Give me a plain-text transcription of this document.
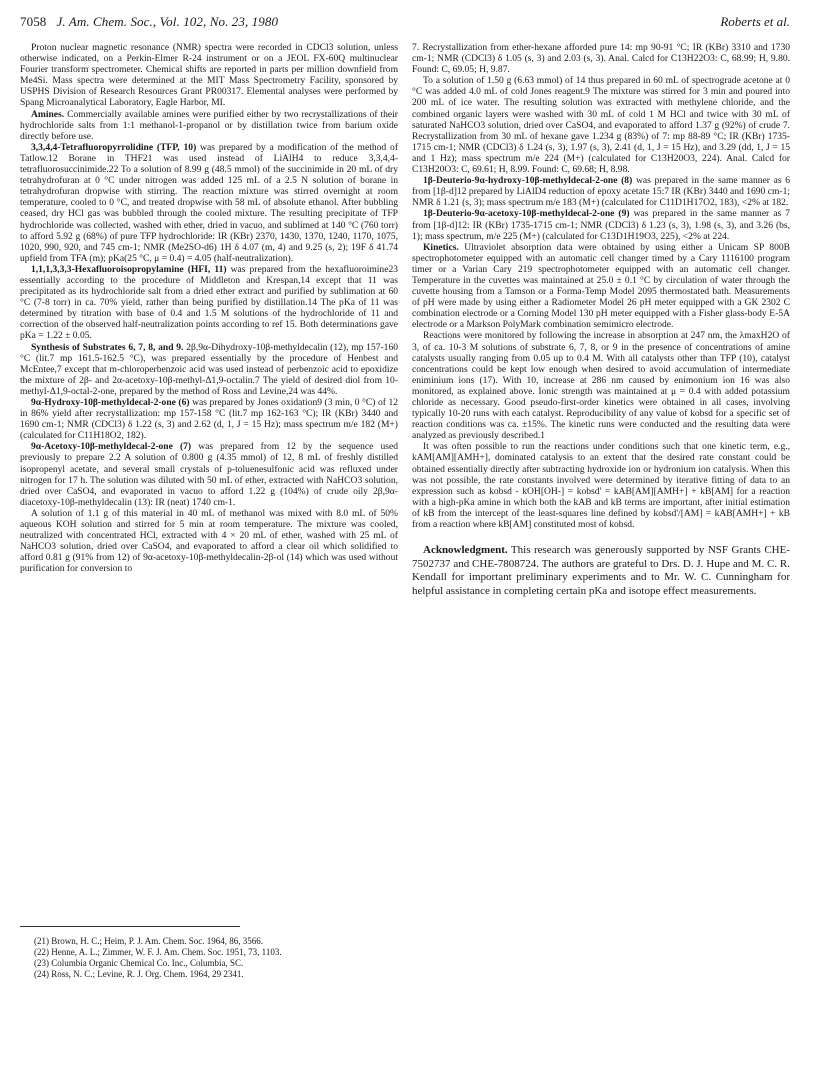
7058 J. Am. Chem. Soc., Vol. 102, No. 23, 1980	Roberts et al.

Proton nuclear magnetic resonance (NMR) spectra were recorded in CDCl3 solution, unless otherwise indicated, on a Perkin-Elmer R-24 instrument or on a JEOL FX-60Q multinuclear Fourier transform spectrometer. Chemical shifts are reported in parts per million downfield from Me4Si. Mass spectra were determined at the MIT Mass Spectrometry Facility, sponsored by USPHS Division of Research Resources Grant PR00317. Elemental analyses were performed by Spang Microanalytical Laboratory, Eagle Harbor, MI.

Amines. Commercially available amines were purified either by two recrystallizations of their hydrochloride salts from 1:1 methanol-1-propanol or by distillation twice from barium oxide directly before use.

3,3,4,4-Tetrafluoropyrrolidine (TFP, 10) was prepared by a modification of the method of Tatlow.12 Borane in THF21 was used instead of LiAlH4 to reduce 3,3,4,4-tetrafluorosuccinimide.22 To a solution of 8.99 g (48.5 mmol) of the succinimide in 20 mL of dry tetrahydrofuran at 0 °C under nitrogen was added 125 mL of a 2.5 N solution of borane in tetrahydrofuran dropwise with stirring. The reaction mixture was stirred overnight at room temperature, cooled to 0 °C, and treated dropwise with 58 mL of absolute ethanol. After bubbling ceased, dry HCl gas was bubbled through the cooled mixture. The resulting precipitate of TFP hydrochloride was collected, washed with ether, dried in vacuo, and sublimed at 140 °C (760 torr) to afford 5.92 g (68%) of pure TFP hydrochloride: IR (KBr) 2370, 1430, 1370, 1240, 1170, 1075, 1020, 990, 920, and 745 cm-1; NMR (Me2SO-d6) 1H δ 4.07 (m, 4) and 9.25 (s, 2); 19F δ 41.74 upfield from TFA (m); pKa(25 °C, μ = 0.4) = 4.05 (half-neutralization).

1,1,1,3,3,3-Hexafluoroisopropylamine (HFI, 11) was prepared from the hexafluoroimine23 essentially according to the procedure of Middleton and Krespan,14 except that 11 was precipitated as its hydrochloride salt from a dried ether extract and purified by sublimation at 60 °C (7-8 torr) in ca. 70% yield, rather than being purified by distillation.14 The pKa of 11 was determined by titration with base of 0.4 and 1.5 M solutions of the hydrochloride of 11 and correction of the observed half-neutralization points according to ref 15. Both determinations gave pKa = 1.22 ± 0.05.

Synthesis of Substrates 6, 7, 8, and 9. 2β,9α-Dihydroxy-10β-methyldecalin (12), mp 157-160 °C (lit.7 mp 161.5-162.5 °C), was prepared essentially by the procedure of Henbest and McEntee,7 except that m-chloroperbenzoic acid was used instead of perbenzoic acid to epoxidize the mixture of 2β- and 2α-acetoxy-10β-methyl-Δ1,9-octalin.7 The yield of desired diol from 10-methyl-Δ1,9-octal-2-one, prepared by the method of Ross and Levine,24 was 44%.

9α-Hydroxy-10β-methyldecal-2-one (6) was prepared by Jones oxidation9 (3 min, 0 °C) of 12 in 86% yield after recrystallization: mp 157-158 °C (lit.7 mp 162-163 °C); IR (KBr) 3440 and 1690 cm-1; NMR (CDCl3) δ 1.22 (s, 3) and 2.62 (d, 1, J = 15 Hz); mass spectrum m/e 182 (M+) (calculated for C11H18O2, 182).

9α-Acetoxy-10β-methyldecal-2-one (7) was prepared from 12 by the sequence used previously to prepare 2.2 A solution of 0.800 g (4.35 mmol) of 12, 8 mL of freshly distilled isopropenyl acetate, and several small crystals of p-toluenesulfonic acid was refluxed under nitrogen for 17 h. The solution was diluted with 50 mL of ether, extracted with NaHCO3 solution, dried over CaSO4, and evaporated in vacuo to afford 1.22 g (104%) of crude oily 2β,9α-diacetoxy-10β-methyldecalin (13): IR (neat) 1740 cm-1.

A solution of 1.1 g of this material in 40 mL of methanol was mixed with 8.0 mL of 50% aqueous KOH solution and stirred for 5 min at room temperature. The mixture was cooled, neutralized with concentrated HCl, extracted with 4 × 20 mL of ether, washed with 25 mL of NaHCO3 solution, dried over CaSO4, and evaporated to afford a clear oil which solidified to afford 0.81 g (91% from 12) of 9α-acetoxy-10β-methyldecalin-2β-ol (14) which was used without purification for conversion to

(21) Brown, H. C.; Heim, P. J. Am. Chem. Soc. 1964, 86, 3566.
(22) Henne, A. L.; Zimmer, W. F. J. Am. Chem. Soc. 1951, 73, 1103.
(23) Columbia Organic Chemical Co. Inc., Columbia, SC.
(24) Ross, N. C.; Levine, R. J. Org. Chem. 1964, 29 2341.

7. Recrystallization from ether-hexane afforded pure 14: mp 90-91 °C; IR (KBr) 3310 and 1730 cm-1; NMR (CDCl3) δ 1.05 (s, 3) and 2.03 (s, 3). Anal. Calcd for C13H22O3: C, 68.99; H, 9.80. Found: C, 69.05; H, 9.87.

To a solution of 1.50 g (6.63 mmol) of 14 thus prepared in 60 mL of spectrograde acetone at 0 °C was added 4.0 mL of cold Jones reagent.9 The mixture was stirred for 3 min and poured into 200 mL of ice water. The resulting solution was extracted with methylene chloride, and the combined organic layers were washed with 30 mL of cold 1 M HCl and twice with 30 mL of saturated NaHCO3 solution, dried over CaSO4, and evaporated to afford 1.37 g (92%) of crude 7. Recrystallization from 30 mL of hexane gave 1.234 g (83%) of 7: mp 88-89 °C; IR (KBr) 1735-1715 cm-1; NMR (CDCl3) δ 1.24 (s, 3), 1.97 (s, 3), 2.41 (d, 1, J = 15 Hz), and 3.29 (dd, 1, J = 15 and 1 Hz); mass spectrum m/e 224 (M+) (calculated for C13H20O3, 224). Anal. Calcd for C13H20O3: C, 69.61; H, 8.99. Found: C, 69.68; H, 8.98.

1β-Deuterio-9α-hydroxy-10β-methyldecal-2-one (8) was prepared in the same manner as 6 from [1β-d]12 prepared by LiAlD4 reduction of epoxy acetate 15:7 IR (KBr) 3440 and 1690 cm-1; NMR δ 1.21 (s, 3); mass spectrum m/e 183 (M+) (calculated for C11D1H17O2, 183), <2% at 182.

1β-Deuterio-9α-acetoxy-10β-methyldecal-2-one (9) was prepared in the same manner as 7 from [1β-d]12: IR (KBr) 1735-1715 cm-1; NMR (CDCl3) δ 1.23 (s, 3), 1.98 (s, 3), and 3.26 (bs, 1); mass spectrum, m/e 225 (M+) (calculated for C13D1H19O3, 225), <2% at 224.

Kinetics. Ultraviolet absorption data were obtained by using either a Unicam SP 800B spectrophotometer equipped with an automatic cell changer timed by a Cary 1116100 program timer or a Varian Cary 219 spectrophotometer equipped with an automatic cell changer. Temperature in the cuvettes was maintained at 25.0 ± 0.1 °C by circulation of water through the cuvette housing from a Tamson or a Forma-Temp Model 2095 thermostated bath. Measurements of pH were made by using either a Radiometer Model 26 pH meter equipped with a GK 2302 C combination electrode or a Corning Model 130 pH meter equipped with a Fisher glass-body E-5A electrode or a Markson PolyMark combination semimicro electrode.

Reactions were monitored by following the increase in absorption at 247 nm, the λmaxH2O of 3, of ca. 10-3 M solutions of substrate 6, 7, 8, or 9 in the presence of concentrations of amine catalysts usually ranging from 0.05 up to 0.4 M. With all catalysts other than TFP (10), catalyst concentrations could be kept low enough when desired to avoid accumulation of intermediate eniminium ions (17). With 10, increase at 286 nm caused by enimonium ion 16 was also monitored, as explained above. Ionic strength was maintained at μ = 0.4 with added potassium chloride as necessary. Good pseudo-first-order kinetics were obtained in all cases, involving typically 10-20 runs with each catalyst. Reproducibility of any value of kobsd for a specific set of reaction conditions was ca. ±15%. The kinetic runs were conducted and the resulting data were analyzed as previously described.1

It was often possible to run the reactions under conditions such that one kinetic term, e.g., kAM[AM][AMH+], dominated catalysis to an extent that the desired rate constant could be obtained essentially directly after subtracting hydroxide ion or hydronium ion catalysis. When this was not possible, the rate constants involved were determined by iterative fitting of data to an expression such as kobsd - kOH[OH-] = kobsd' = kAB[AM][AMH+] + kB[AM] for a reaction with a high-pKa amine in which both the kAB and kB terms are important, after initial estimation of kB from the intercept of the least-squares line defined by kobsd'/[AM] = kAB[AMH+] + kB from a reaction where kB[AM] constituted most of kobsd.

Acknowledgment. This research was generously supported by NSF Grants CHE-7502737 and CHE-7808724. The authors are grateful to Drs. D. J. Hupe and M. C. R. Kendall for important preliminary experiments and to Mr. W. C. Cunningham for helpful assistance in completing certain pKa and isotope effect measurements.
